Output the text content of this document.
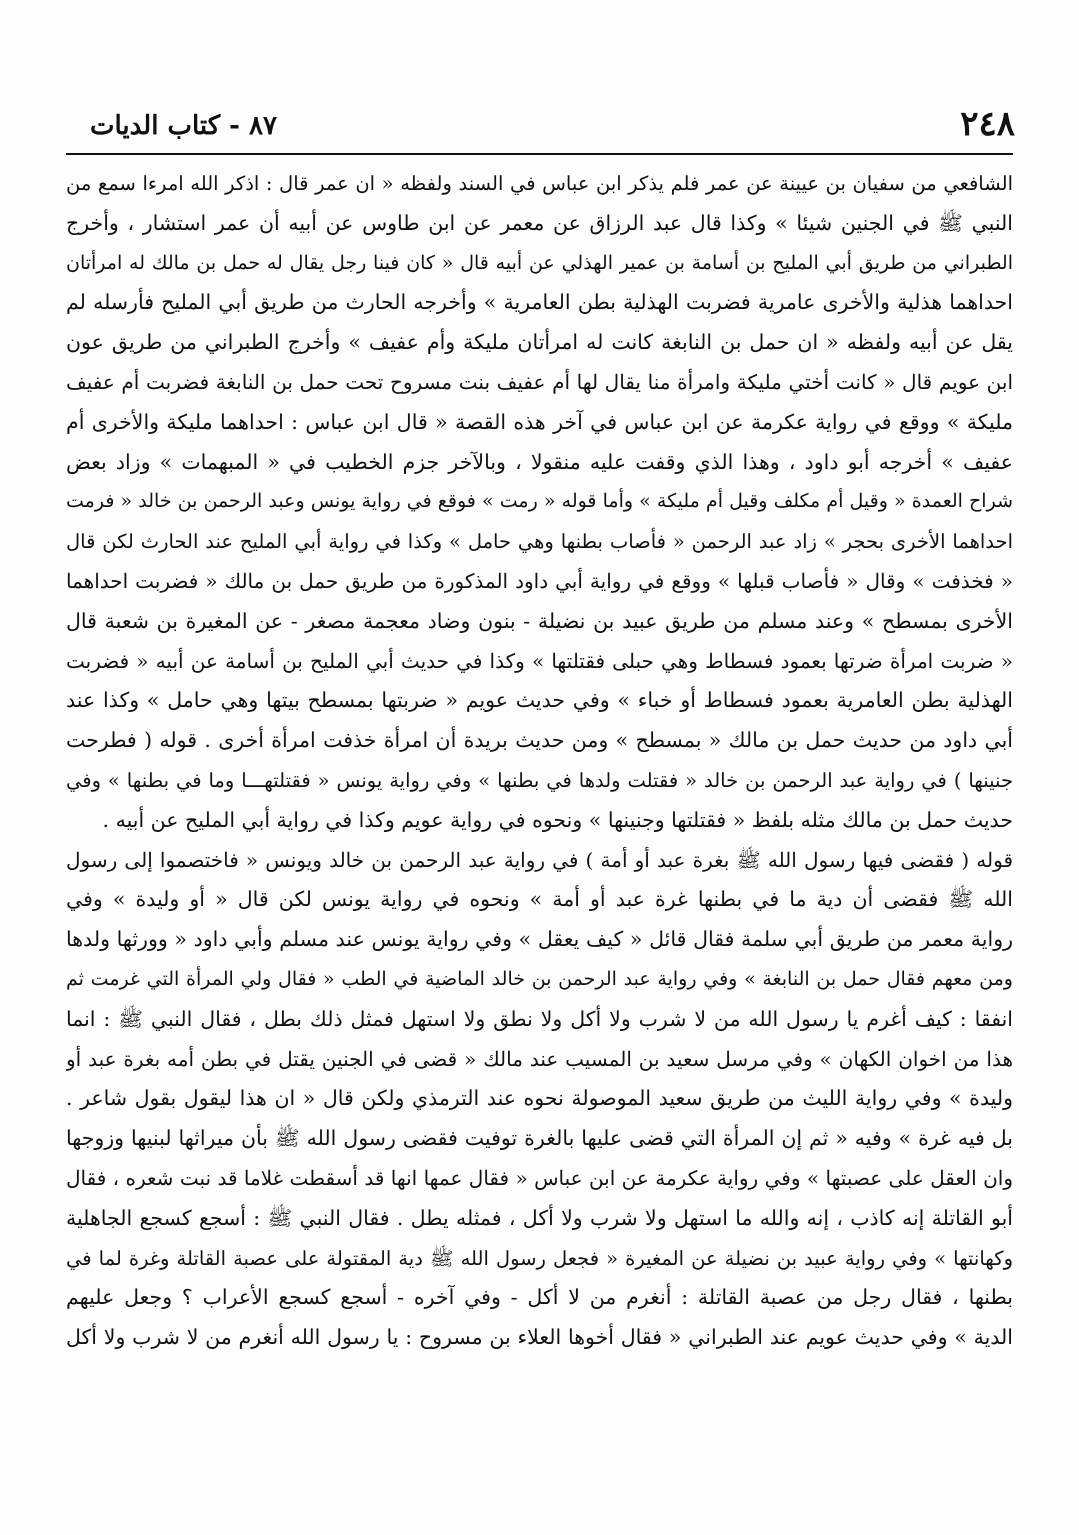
٢٤٨
٨٧ - كتاب الديات
الشافعي من سفيان بن عيينة عن عمر فلم يذكر ابن عباس في السند ولفظه « ان عمر قال : اذكر الله امرءا سمع من
النبي ﷺ في الجنين شيئا » وكذا قال عبد الرزاق عن معمر عن ابن طاوس عن أبيه أن عمر استشار ، وأخرج
الطبراني من طريق أبي المليح بن أسامة بن عمير الهذلي عن أبيه قال « كان فينا رجل يقال له حمل بن مالك له امرأتان
احداهما هذلية والأخرى عامرية فضربت الهذلية بطن العامرية » وأخرجه الحارث من طريق أبي المليح فأرسله لم
يقل عن أبيه ولفظه « ان حمل بن النابغة كانت له امرأتان مليكة وأم عفيف » وأخرج الطبراني من طريق عون
ابن عويم قال « كانت أختي مليكة وامرأة منا يقال لها أم عفيف بنت مسروح تحت حمل بن النابغة فضربت أم عفيف
مليكة » ووقع في رواية عكرمة عن ابن عباس في آخر هذه القصة « قال ابن عباس : احداهما مليكة والأخرى أم
عفيف » أخرجه أبو داود ، وهذا الذي وقفت عليه منقولا ، وبالآخر جزم الخطيب في « المبهمات » وزاد بعض
شراح العمدة « وقيل أم مكلف وقيل أم مليكة » وأما قوله « رمت » فوقع في رواية يونس وعبد الرحمن بن خالد « فرمت
احداهما الأخرى بحجر » زاد عبد الرحمن « فأصاب بطنها وهي حامل » وكذا في رواية أبي المليح عند الحارث لكن قال
« فخذفت » وقال « فأصاب قبلها » ووقع في رواية أبي داود المذكورة من طريق حمل بن مالك « فضربت احداهما
الأخرى بمسطح » وعند مسلم من طريق عبيد بن نضيلة - بنون وضاد معجمة مصغر - عن المغيرة بن شعبة قال
« ضربت امرأة ضرتها بعمود فسطاط وهي حبلى فقتلتها » وكذا في حديث أبي المليح بن أسامة عن أبيه « فضربت
الهذلية بطن العامرية بعمود فسطاط أو خباء » وفي حديث عويم « ضربتها بمسطح بيتها وهي حامل » وكذا عند
أبي داود من حديث حمل بن مالك « بمسطح » ومن حديث بريدة أن امرأة خذفت امرأة أخرى . قوله ( فطرحت
جنينها ) في رواية عبد الرحمن بن خالد « فقتلت ولدها في بطنها » وفي رواية يونس « فقتلتهـــا وما في بطنها » وفي
حديث حمل بن مالك مثله بلفظ « فقتلتها وجنينها » ونحوه في رواية عويم وكذا في رواية أبي المليح عن أبيه .
قوله ( فقضى فيها رسول الله ﷺ بغرة عبد أو أمة ) في رواية عبد الرحمن بن خالد ويونس « فاختصموا إلى رسول
الله ﷺ فقضى أن دية ما في بطنها غرة عبد أو أمة » ونحوه في رواية يونس لكن قال « أو وليدة » وفي
رواية معمر من طريق أبي سلمة فقال قائل « كيف يعقل » وفي رواية يونس عند مسلم وأبي داود « وورثها ولدها
ومن معهم فقال حمل بن النابغة » وفي رواية عبد الرحمن بن خالد الماضية في الطب « فقال ولي المرأة التي غرمت ثم
انفقا : كيف أغرم يا رسول الله من لا شرب ولا أكل ولا نطق ولا استهل فمثل ذلك بطل ، فقال النبي ﷺ : انما
هذا من اخوان الكهان » وفي مرسل سعيد بن المسيب عند مالك « قضى في الجنين يقتل في بطن أمه بغرة عبد أو
وليدة » وفي رواية الليث من طريق سعيد الموصولة نحوه عند الترمذي ولكن قال « ان هذا ليقول بقول شاعر .
بل فيه غرة » وفيه « ثم إن المرأة التي قضى عليها بالغرة توفيت فقضى رسول الله ﷺ بأن ميراثها لبنيها وزوجها
وان العقل على عصبتها » وفي رواية عكرمة عن ابن عباس « فقال عمها انها قد أسقطت غلاما قد نبت شعره ، فقال
أبو القاتلة إنه كاذب ، إنه والله ما استهل ولا شرب ولا أكل ، فمثله يطل . فقال النبي ﷺ : أسجع كسجع الجاهلية
وكهانتها » وفي رواية عبيد بن نضيلة عن المغيرة « فجعل رسول الله ﷺ دية المقتولة على عصبة القاتلة وغرة لما في
بطنها ، فقال رجل من عصبة القاتلة : أنغرم من لا أكل - وفي آخره - أسجع كسجع الأعراب ؟ وجعل عليهم
الدية » وفي حديث عويم عند الطبراني « فقال أخوها العلاء بن مسروح : يا رسول الله أنغرم من لا شرب ولا أكل
